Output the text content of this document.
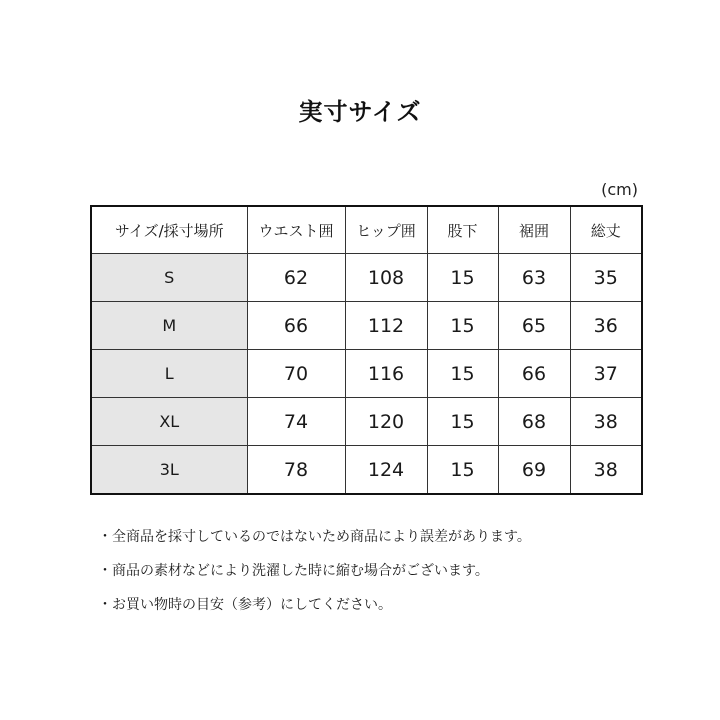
実寸サイズ
(cm)
サイズ/採寸場所	ウエスト囲	ヒップ囲	股下	裾囲	総丈
S	62	108	15	63	35
M	66	112	15	65	36
L	70	116	15	66	37
XL	74	120	15	68	38
3L	78	124	15	69	38
・全商品を採寸しているのではないため商品により誤差があります。
・商品の素材などにより洗濯した時に縮む場合がございます。
・お買い物時の目安（参考）にしてください。
